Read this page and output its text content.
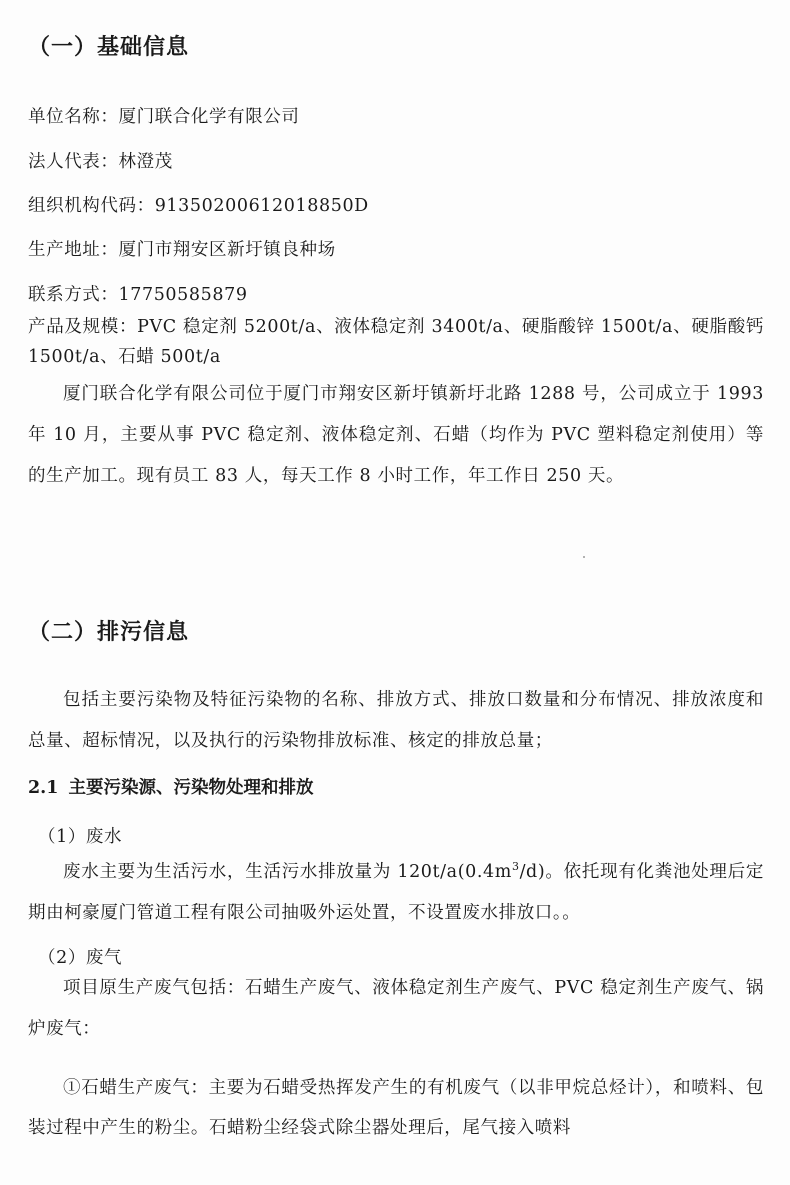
（一）基础信息
单位名称：厦门联合化学有限公司
法人代表：林澄茂
组织机构代码：91350200612018850D
生产地址：厦门市翔安区新圩镇良种场
联系方式：17750585879
产品及规模：PVC 稳定剂 5200t/a、液体稳定剂 3400t/a、硬脂酸锌 1500t/a、硬脂酸钙 1500t/a、石蜡 500t/a
厦门联合化学有限公司位于厦门市翔安区新圩镇新圩北路 1288 号，公司成立于 1993 年 10 月，主要从事 PVC 稳定剂、液体稳定剂、石蜡（均作为 PVC 塑料稳定剂使用）等的生产加工。现有员工 83 人，每天工作 8 小时工作，年工作日 250 天。
（二）排污信息
包括主要污染物及特征污染物的名称、排放方式、排放口数量和分布情况、排放浓度和总量、超标情况，以及执行的污染物排放标准、核定的排放总量；
2.1 主要污染源、污染物处理和排放
（1）废水
废水主要为生活污水，生活污水排放量为 $120t/a(0.4m^3/d)$。依托现有化粪池处理后定期由柯豪厦门管道工程有限公司抽吸外运处置，不设置废水排放口。。
（2）废气
项目原生产废气包括：石蜡生产废气、液体稳定剂生产废气、PVC 稳定剂生产废气、锅炉废气：
①石蜡生产废气：主要为石蜡受热挥发产生的有机废气（以非甲烷总烃计），和喷料、包装过程中产生的粉尘。石蜡粉尘经袋式除尘器处理后，尾气接入喷料
